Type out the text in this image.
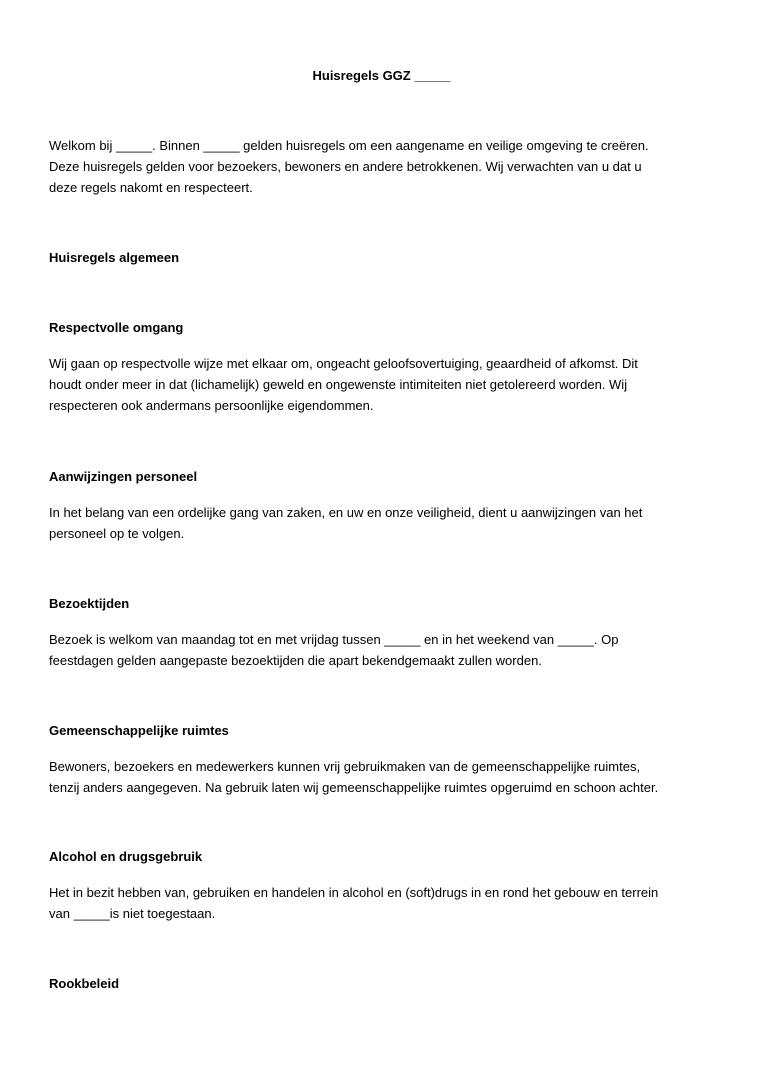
Huisregels GGZ _____
Welkom bij _____. Binnen _____ gelden huisregels om een aangename en veilige omgeving te creëren.
Deze huisregels gelden voor bezoekers, bewoners en andere betrokkenen. Wij verwachten van u dat u
deze regels nakomt en respecteert.
Huisregels algemeen
Respectvolle omgang
Wij gaan op respectvolle wijze met elkaar om, ongeacht geloofsovertuiging, geaardheid of afkomst. Dit
houdt onder meer in dat (lichamelijk) geweld en ongewenste intimiteiten niet getolereerd worden. Wij
respecteren ook andermans persoonlijke eigendommen.
Aanwijzingen personeel
In het belang van een ordelijke gang van zaken, en uw en onze veiligheid, dient u aanwijzingen van het
personeel op te volgen.
Bezoektijden
Bezoek is welkom van maandag tot en met vrijdag tussen _____ en in het weekend van _____. Op
feestdagen gelden aangepaste bezoektijden die apart bekendgemaakt zullen worden.
Gemeenschappelijke ruimtes
Bewoners, bezoekers en medewerkers kunnen vrij gebruikmaken van de gemeenschappelijke ruimtes,
tenzij anders aangegeven. Na gebruik laten wij gemeenschappelijke ruimtes opgeruimd en schoon achter.
Alcohol en drugsgebruik
Het in bezit hebben van, gebruiken en handelen in alcohol en (soft)drugs in en rond het gebouw en terrein
van _____is niet toegestaan.
Rookbeleid
